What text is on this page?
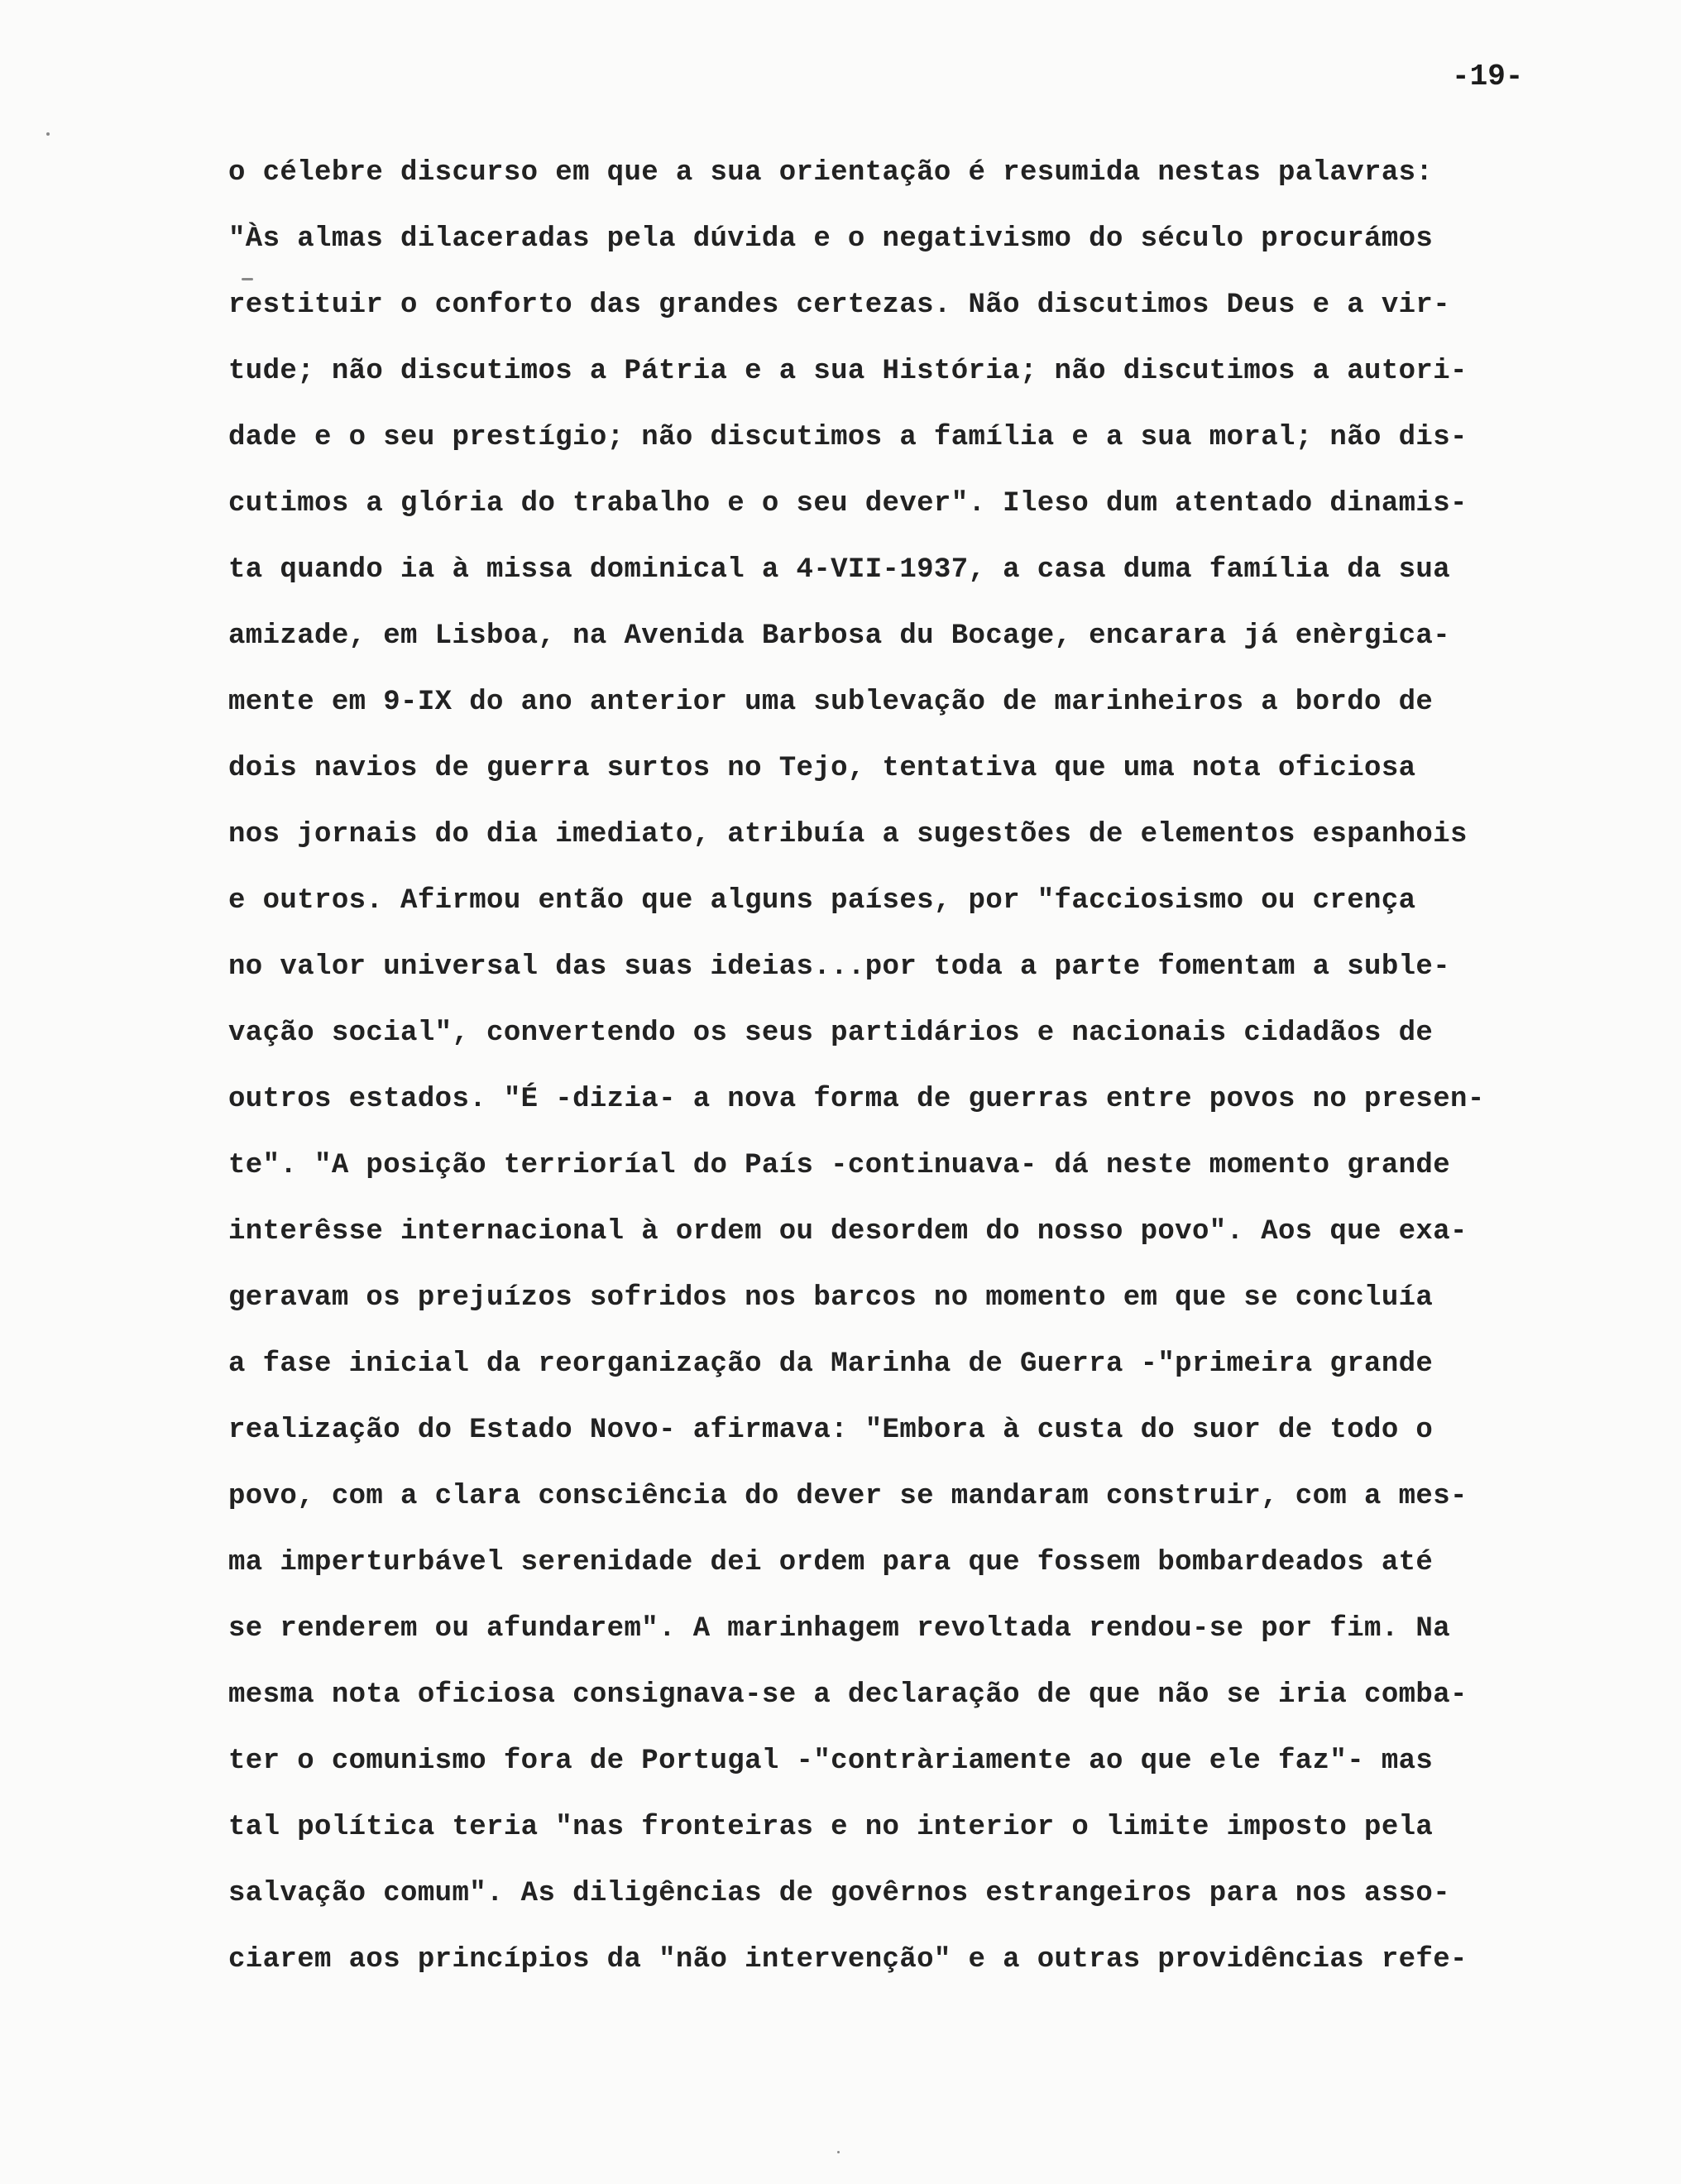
-19-
o célebre discurso em que a sua orientação é resumida nestas palavras:
"Às almas dilaceradas pela dúvida e o negativismo do século procurámos
restituir o conforto das grandes certezas. Não discutimos Deus e a vir-
tude; não discutimos a Pátria e a sua História; não discutimos a autori-
dade e o seu prestígio; não discutimos a família e a sua moral; não dis-
cutimos a glória do trabalho e o seu dever". Ileso dum atentado dinamis-
ta quando ia à missa dominical a 4-VII-1937, a casa duma família da sua
amizade, em Lisboa, na Avenida Barbosa du Bocage, encarara já enèrgica-
mente em 9-IX do ano anterior uma sublevação de marinheiros a bordo de
dois navios de guerra surtos no Tejo, tentativa que uma nota oficiosa
nos jornais do dia imediato, atribuía a sugestões de elementos espanhois
e outros. Afirmou então que alguns países, por "facciosismo ou crença
no valor universal das suas ideias...por toda a parte fomentam a suble-
vação social", convertendo os seus partidários e nacionais cidadãos de
outros estados. "É -dizia- a nova forma de guerras entre povos no presen-
te". "A posição terrioríal do País -continuava- dá neste momento grande
interêsse internacional à ordem ou desordem do nosso povo". Aos que exa-
geravam os prejuízos sofridos nos barcos no momento em que se concluía
a fase inicial da reorganização da Marinha de Guerra -"primeira grande
realização do Estado Novo- afirmava: "Embora à custa do suor de todo o
povo, com a clara consciência do dever se mandaram construir, com a mes-
ma imperturbável serenidade dei ordem para que fossem bombardeados até
se renderem ou afundarem". A marinhagem revoltada rendou-se por fim. Na
mesma nota oficiosa consignava-se a declaração de que não se iria comba-
ter o comunismo fora de Portugal -"contràriamente ao que ele faz"- mas
tal política teria "nas fronteiras e no interior o limite imposto pela
salvação comum". As diligências de govêrnos estrangeiros para nos asso-
ciarem aos princípios da "não intervenção" e a outras providências refe-
